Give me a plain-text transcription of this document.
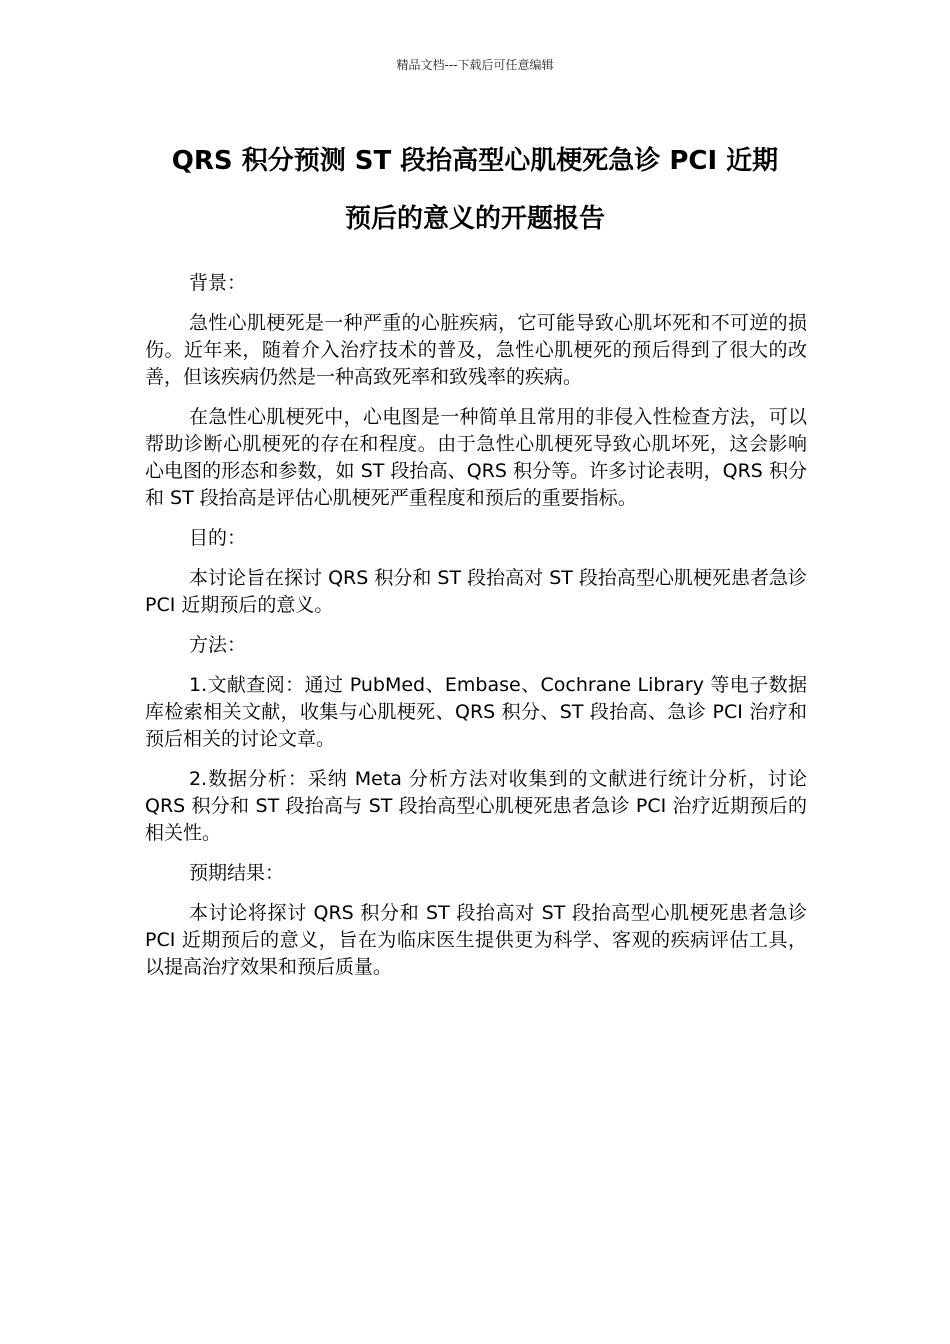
精品文档---下载后可任意编辑
QRS 积分预测 ST 段抬高型心肌梗死急诊 PCI 近期
预后的意义的开题报告

背景：

急性心肌梗死是一种严重的心脏疾病，它可能导致心肌坏死和不可逆的损伤。近年来，随着介入治疗技术的普及，急性心肌梗死的预后得到了很大的改善，但该疾病仍然是一种高致死率和致残率的疾病。

在急性心肌梗死中，心电图是一种简单且常用的非侵入性检查方法，可以帮助诊断心肌梗死的存在和程度。由于急性心肌梗死导致心肌坏死，这会影响心电图的形态和参数，如 ST 段抬高、QRS 积分等。许多讨论表明，QRS 积分和 ST 段抬高是评估心肌梗死严重程度和预后的重要指标。

目的：

本讨论旨在探讨 QRS 积分和 ST 段抬高对 ST 段抬高型心肌梗死患者急诊 PCI 近期预后的意义。

方法：

1.文献查阅：通过 PubMed、Embase、Cochrane Library 等电子数据库检索相关文献，收集与心肌梗死、QRS 积分、ST 段抬高、急诊 PCI 治疗和预后相关的讨论文章。

2.数据分析：采纳 Meta 分析方法对收集到的文献进行统计分析，讨论 QRS 积分和 ST 段抬高与 ST 段抬高型心肌梗死患者急诊 PCI 治疗近期预后的相关性。

预期结果：

本讨论将探讨 QRS 积分和 ST 段抬高对 ST 段抬高型心肌梗死患者急诊 PCI 近期预后的意义，旨在为临床医生提供更为科学、客观的疾病评估工具，以提高治疗效果和预后质量。
